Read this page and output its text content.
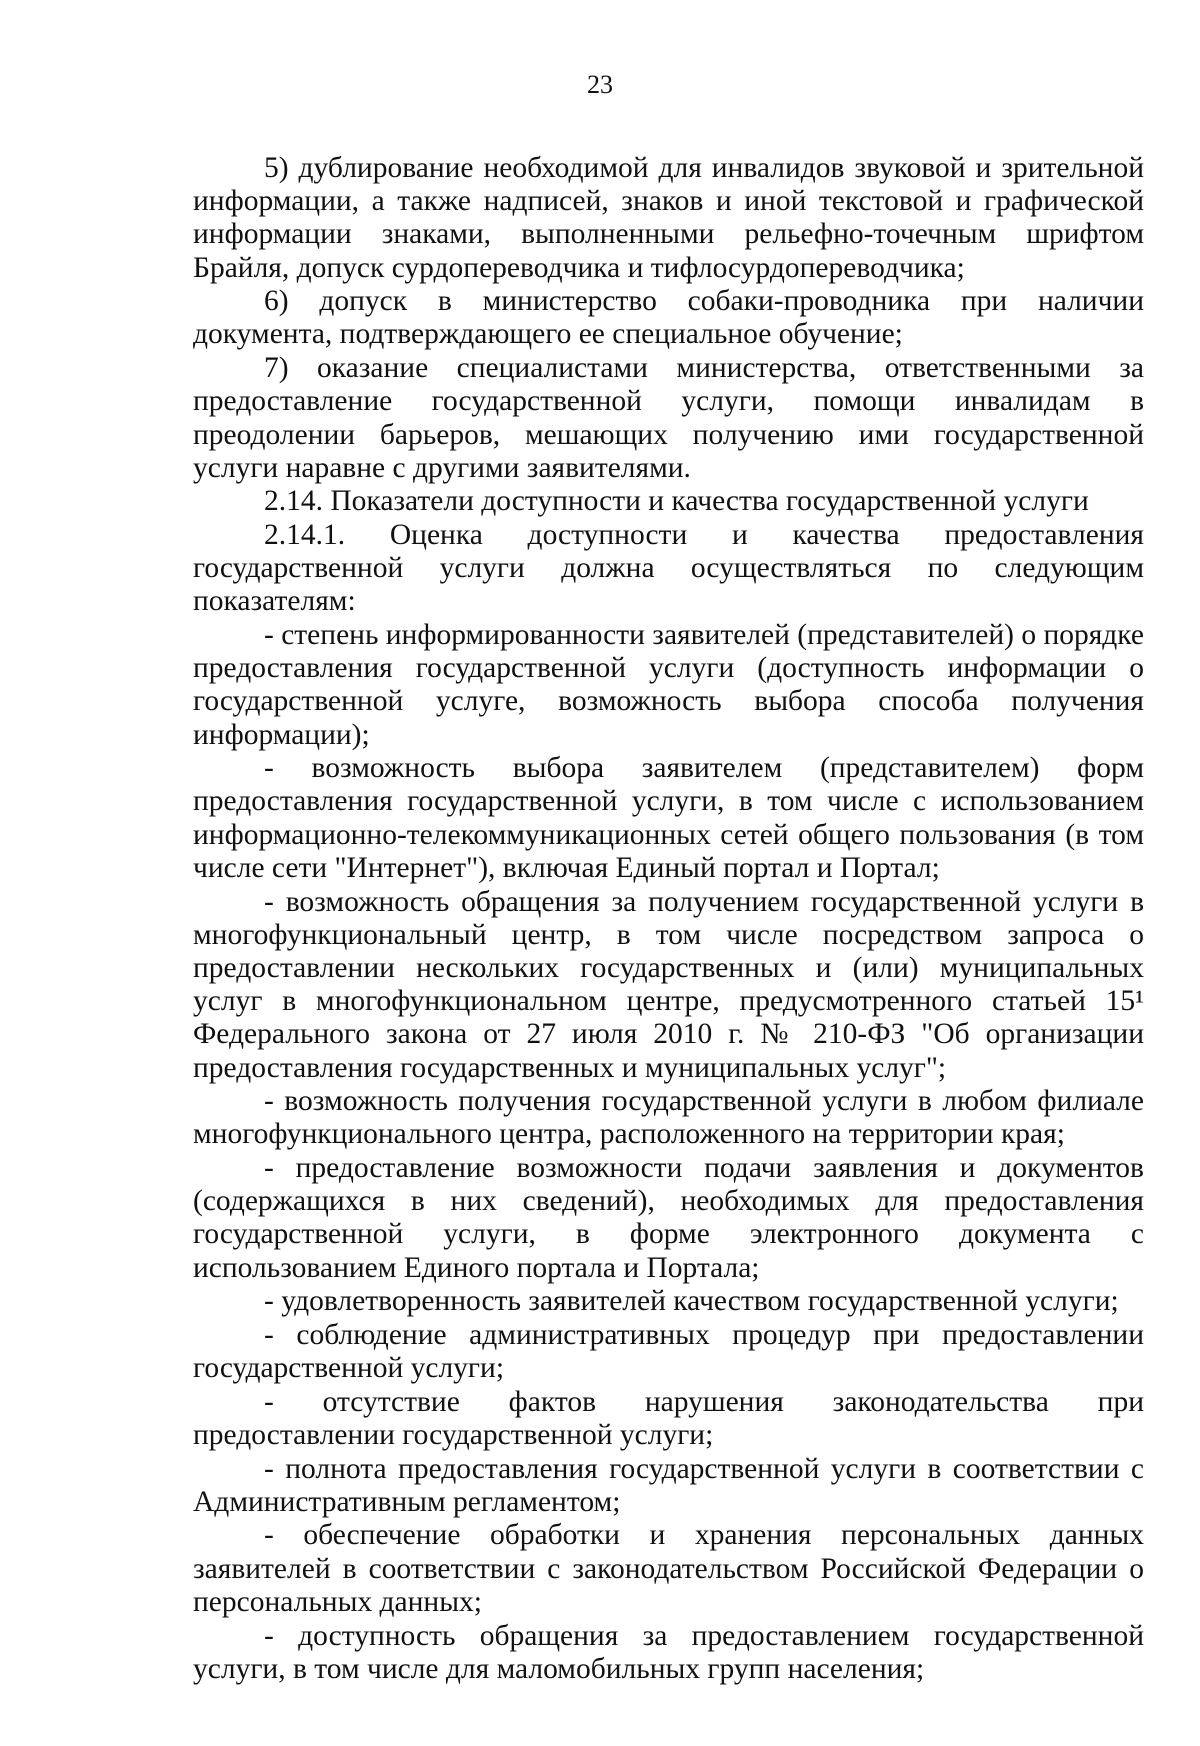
23

5) дублирование необходимой для инвалидов звуковой и зрительной информации, а также надписей, знаков и иной текстовой и графической информации знаками, выполненными рельефно-точечным шрифтом Брайля, допуск сурдопереводчика и тифлосурдопереводчика;

6) допуск в министерство собаки-проводника при наличии документа, подтверждающего ее специальное обучение;

7) оказание специалистами министерства, ответственными за предоставление государственной услуги, помощи инвалидам в преодолении барьеров, мешающих получению ими государственной услуги наравне с другими заявителями.

2.14. Показатели доступности и качества государственной услуги

2.14.1. Оценка доступности и качества предоставления государственной услуги должна осуществляться по следующим показателям:

- степень информированности заявителей (представителей) о порядке предоставления государственной услуги (доступность информации о государственной услуге, возможность выбора способа получения информации);

- возможность выбора заявителем (представителем) форм предоставления государственной услуги, в том числе с использованием информационно-телекоммуникационных сетей общего пользования (в том числе сети "Интернет"), включая Единый портал и Портал;

- возможность обращения за получением государственной услуги в многофункциональный центр, в том числе посредством запроса о предоставлении нескольких государственных и (или) муниципальных услуг в многофункциональном центре, предусмотренного статьей 15¹ Федерального закона от 27 июля 2010 г. № 210-ФЗ "Об организации предоставления государственных и муниципальных услуг";

- возможность получения государственной услуги в любом филиале многофункционального центра, расположенного на территории края;

- предоставление возможности подачи заявления и документов (содержащихся в них сведений), необходимых для предоставления государственной услуги, в форме электронного документа с использованием Единого портала и Портала;

- удовлетворенность заявителей качеством государственной услуги;

- соблюдение административных процедур при предоставлении государственной услуги;

- отсутствие фактов нарушения законодательства при предоставлении государственной услуги;

- полнота предоставления государственной услуги в соответствии с Административным регламентом;

- обеспечение обработки и хранения персональных данных заявителей в соответствии с законодательством Российской Федерации о персональных данных;

- доступность обращения за предоставлением государственной услуги, в том числе для маломобильных групп населения;
